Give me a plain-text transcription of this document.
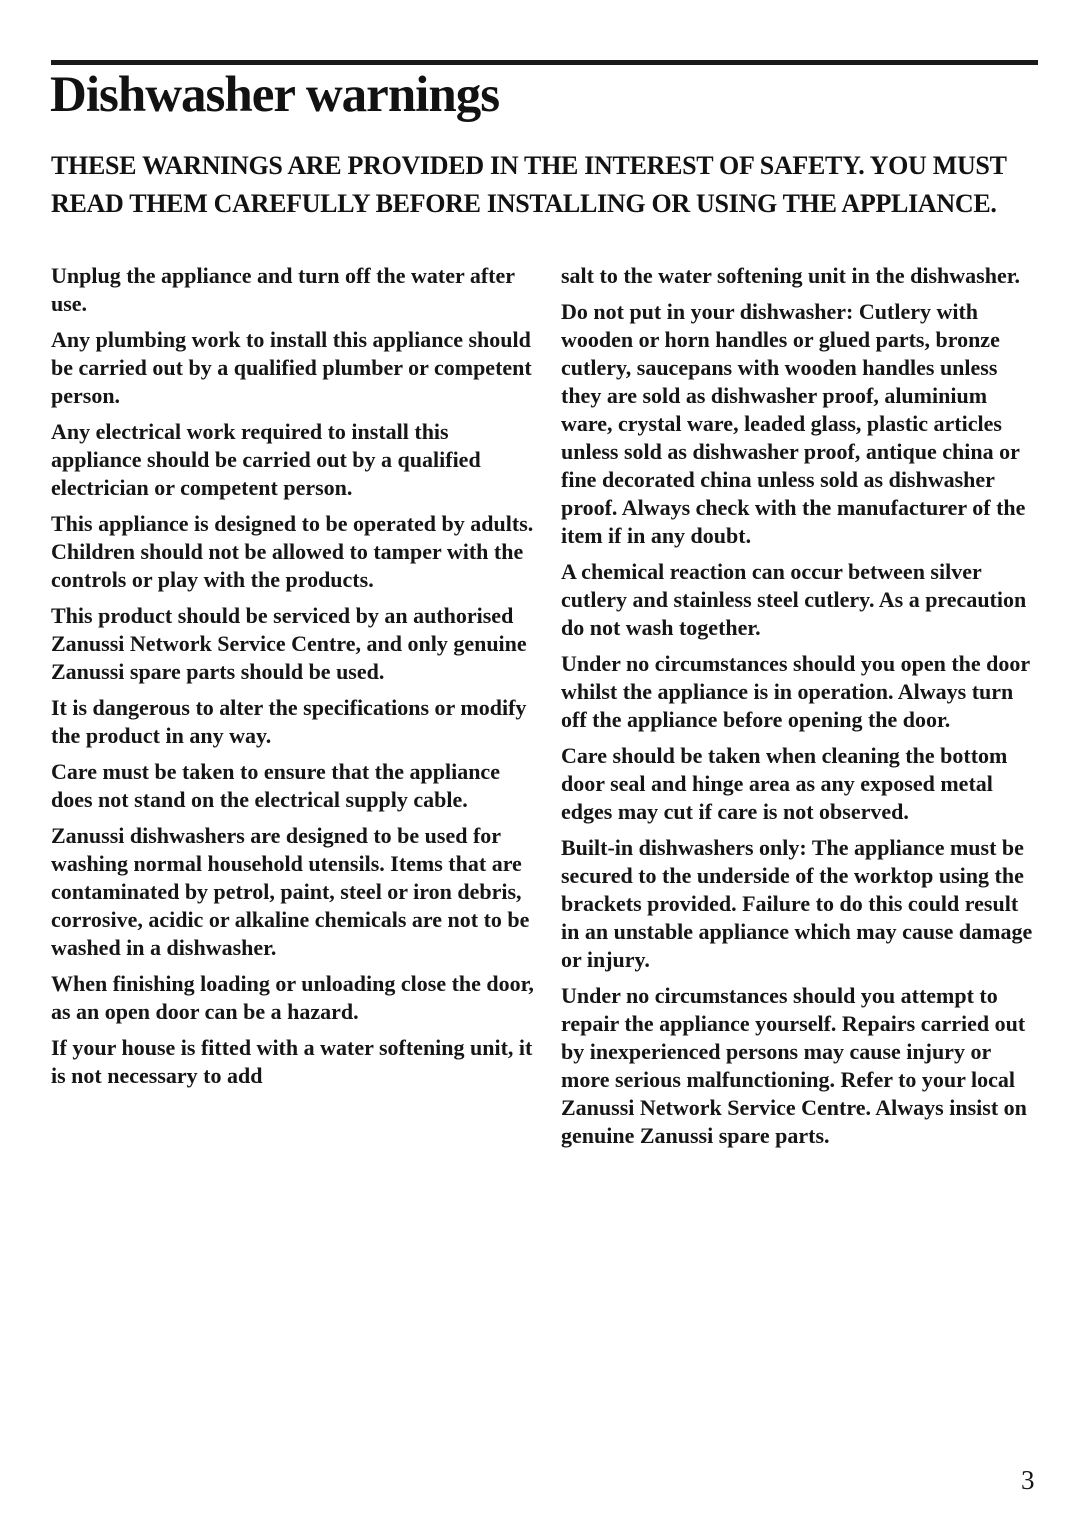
Dishwasher warnings
THESE WARNINGS ARE PROVIDED IN THE INTEREST OF SAFETY. YOU MUST
READ THEM CAREFULLY BEFORE INSTALLING OR USING THE APPLIANCE.

Unplug the appliance and turn off the water after use.

Any plumbing work to install this appliance should be carried out by a qualified plumber or competent person.

Any electrical work required to install this appliance should be carried out by a qualified electrician or competent person.

This appliance is designed to be operated by adults. Children should not be allowed to tamper with the controls or play with the products.

This product should be serviced by an authorised Zanussi Network Service Centre, and only genuine Zanussi spare parts should be used.

It is dangerous to alter the specifications or modify the product in any way.

Care must be taken to ensure that the appliance does not stand on the electrical supply cable.

Zanussi dishwashers are designed to be used for washing normal household utensils. Items that are contaminated by petrol, paint, steel or iron debris, corrosive, acidic or alkaline chemicals are not to be washed in a dishwasher.

When finishing loading or unloading close the door, as an open door can be a hazard.

If your house is fitted with a water softening unit, it is not necessary to add

salt to the water softening unit in the dishwasher.

Do not put in your dishwasher: Cutlery with wooden or horn handles or glued parts, bronze cutlery, saucepans with wooden handles unless they are sold as dishwasher proof, aluminium ware, crystal ware, leaded glass, plastic articles unless sold as dishwasher proof, antique china or fine decorated china unless sold as dishwasher proof. Always check with the manufacturer of the item if in any doubt.

A chemical reaction can occur between silver cutlery and stainless steel cutlery. As a precaution do not wash together.

Under no circumstances should you open the door whilst the appliance is in operation. Always turn off the appliance before opening the door.

Care should be taken when cleaning the bottom door seal and hinge area as any exposed metal edges may cut if care is not observed.

Built-in dishwashers only: The appliance must be secured to the underside of the worktop using the brackets provided. Failure to do this could result in an unstable appliance which may cause damage or injury.

Under no circumstances should you attempt to repair the appliance yourself. Repairs carried out by inexperienced persons may cause injury or more serious malfunctioning. Refer to your local Zanussi Network Service Centre. Always insist on genuine Zanussi spare parts.

3
